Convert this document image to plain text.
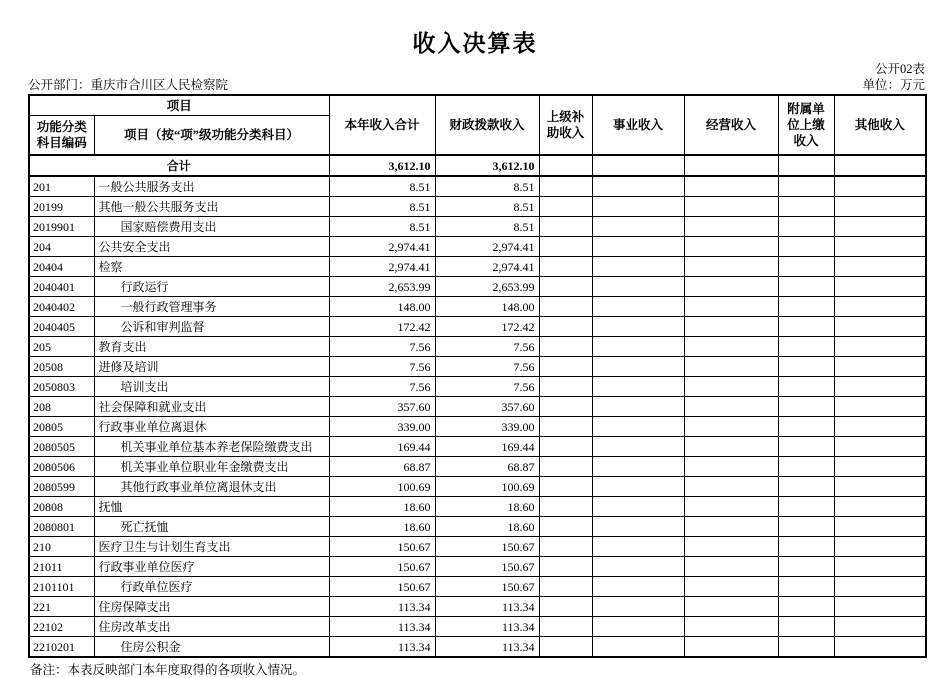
收入决算表
公开02表
公开部门：重庆市合川区人民检察院	单位：万元
项目		本年收入合计	财政拨款收入	上级补助收入	事业收入	经营收入	附属单位上缴收入	其他收入
功能分类科目编码	项目（按“项”级功能分类科目）							
合计		3,612.10	3,612.10					
201	一般公共服务支出	8.51	8.51					
20199	其他一般公共服务支出	8.51	8.51					
2019901	国家赔偿费用支出	8.51	8.51					
204	公共安全支出	2,974.41	2,974.41					
20404	检察	2,974.41	2,974.41					
2040401	行政运行	2,653.99	2,653.99					
2040402	一般行政管理事务	148.00	148.00					
2040405	公诉和审判监督	172.42	172.42					
205	教育支出	7.56	7.56					
20508	进修及培训	7.56	7.56					
2050803	培训支出	7.56	7.56					
208	社会保障和就业支出	357.60	357.60					
20805	行政事业单位离退休	339.00	339.00					
2080505	机关事业单位基本养老保险缴费支出	169.44	169.44					
2080506	机关事业单位职业年金缴费支出	68.87	68.87					
2080599	其他行政事业单位离退休支出	100.69	100.69					
20808	抚恤	18.60	18.60					
2080801	死亡抚恤	18.60	18.60					
210	医疗卫生与计划生育支出	150.67	150.67					
21011	行政事业单位医疗	150.67	150.67					
2101101	行政单位医疗	150.67	150.67					
221	住房保障支出	113.34	113.34					
22102	住房改革支出	113.34	113.34					
2210201	住房公积金	113.34	113.34					
备注：本表反映部门本年度取得的各项收入情况。
